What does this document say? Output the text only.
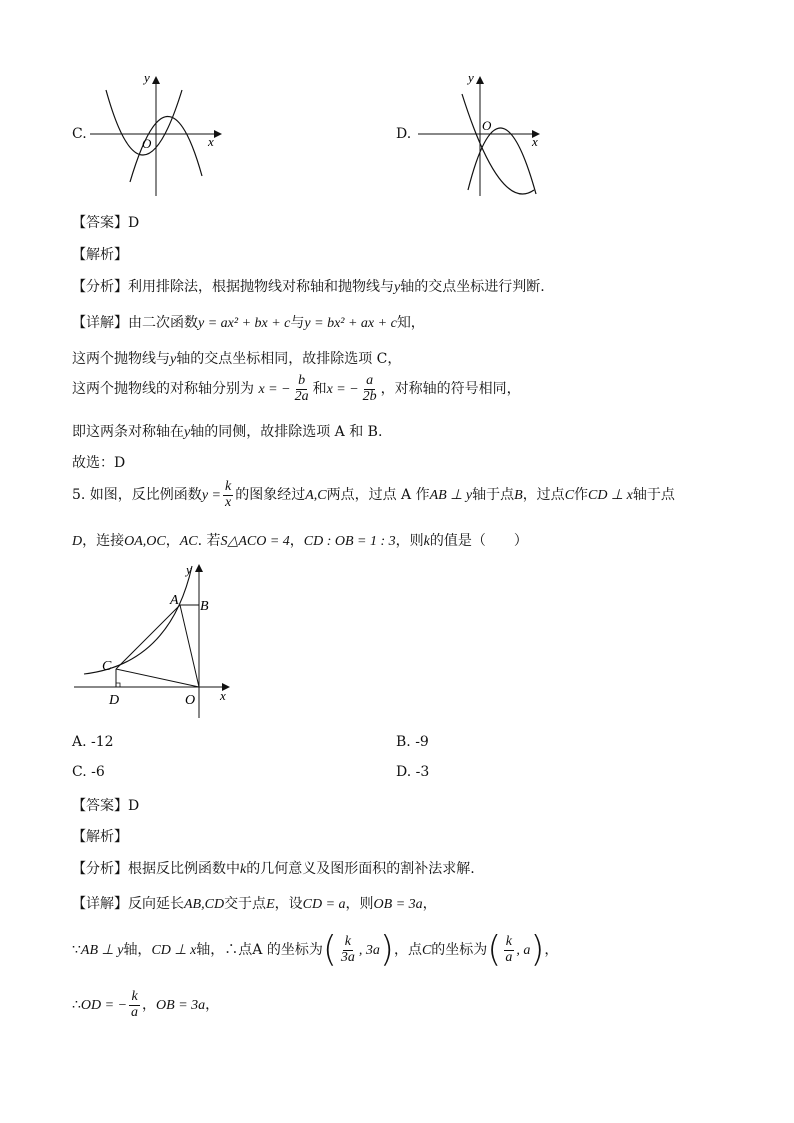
C.
y
O	x	D.
y
O
x
【答案】D
【解析】
【分析】利用排除法，根据抛物线对称轴和抛物线与y轴的交点坐标进行判断.
【详解】由二次函数y = ax² + bx + c与y = bx² + ax + c知，
这两个抛物线与y轴的交点坐标相同，故排除选项 C，
这两个抛物线的对称轴分别为 x = − $\frac{b}{2a}$ 和x = − $\frac{a}{2b}$ ，对称轴的符号相同，
即这两条对称轴在y轴的同侧，故排除选项 A 和 B.
故选：D
5. 如图，反比例函数$y = \frac{k}{x}$ 的图象经过A,C两点，过点 A 作AB ⊥ y轴于点B，过点C作CD ⊥ x轴于点
D，连接OA,OC，AC. 若S△ACO = 4，CD : OB = 1 : 3，则k的值是（　　）
y
A B
C
D	O x
A. -12	B. -9
C. -6	D. -3
【答案】D
【解析】
【分析】根据反比例函数中k的几何意义及图形面积的割补法求解.
【详解】反向延长AB,CD交于点E，设CD = a，则OB = 3a，
∵AB ⊥ y轴，CD ⊥ x轴，∴点A 的坐标为( $\frac{k}{3a}$ , 3a)，点C的坐标为( $\frac{k}{a}$ , a)，
∴OD = − $\frac{k}{a}$ ，OB = 3a，
